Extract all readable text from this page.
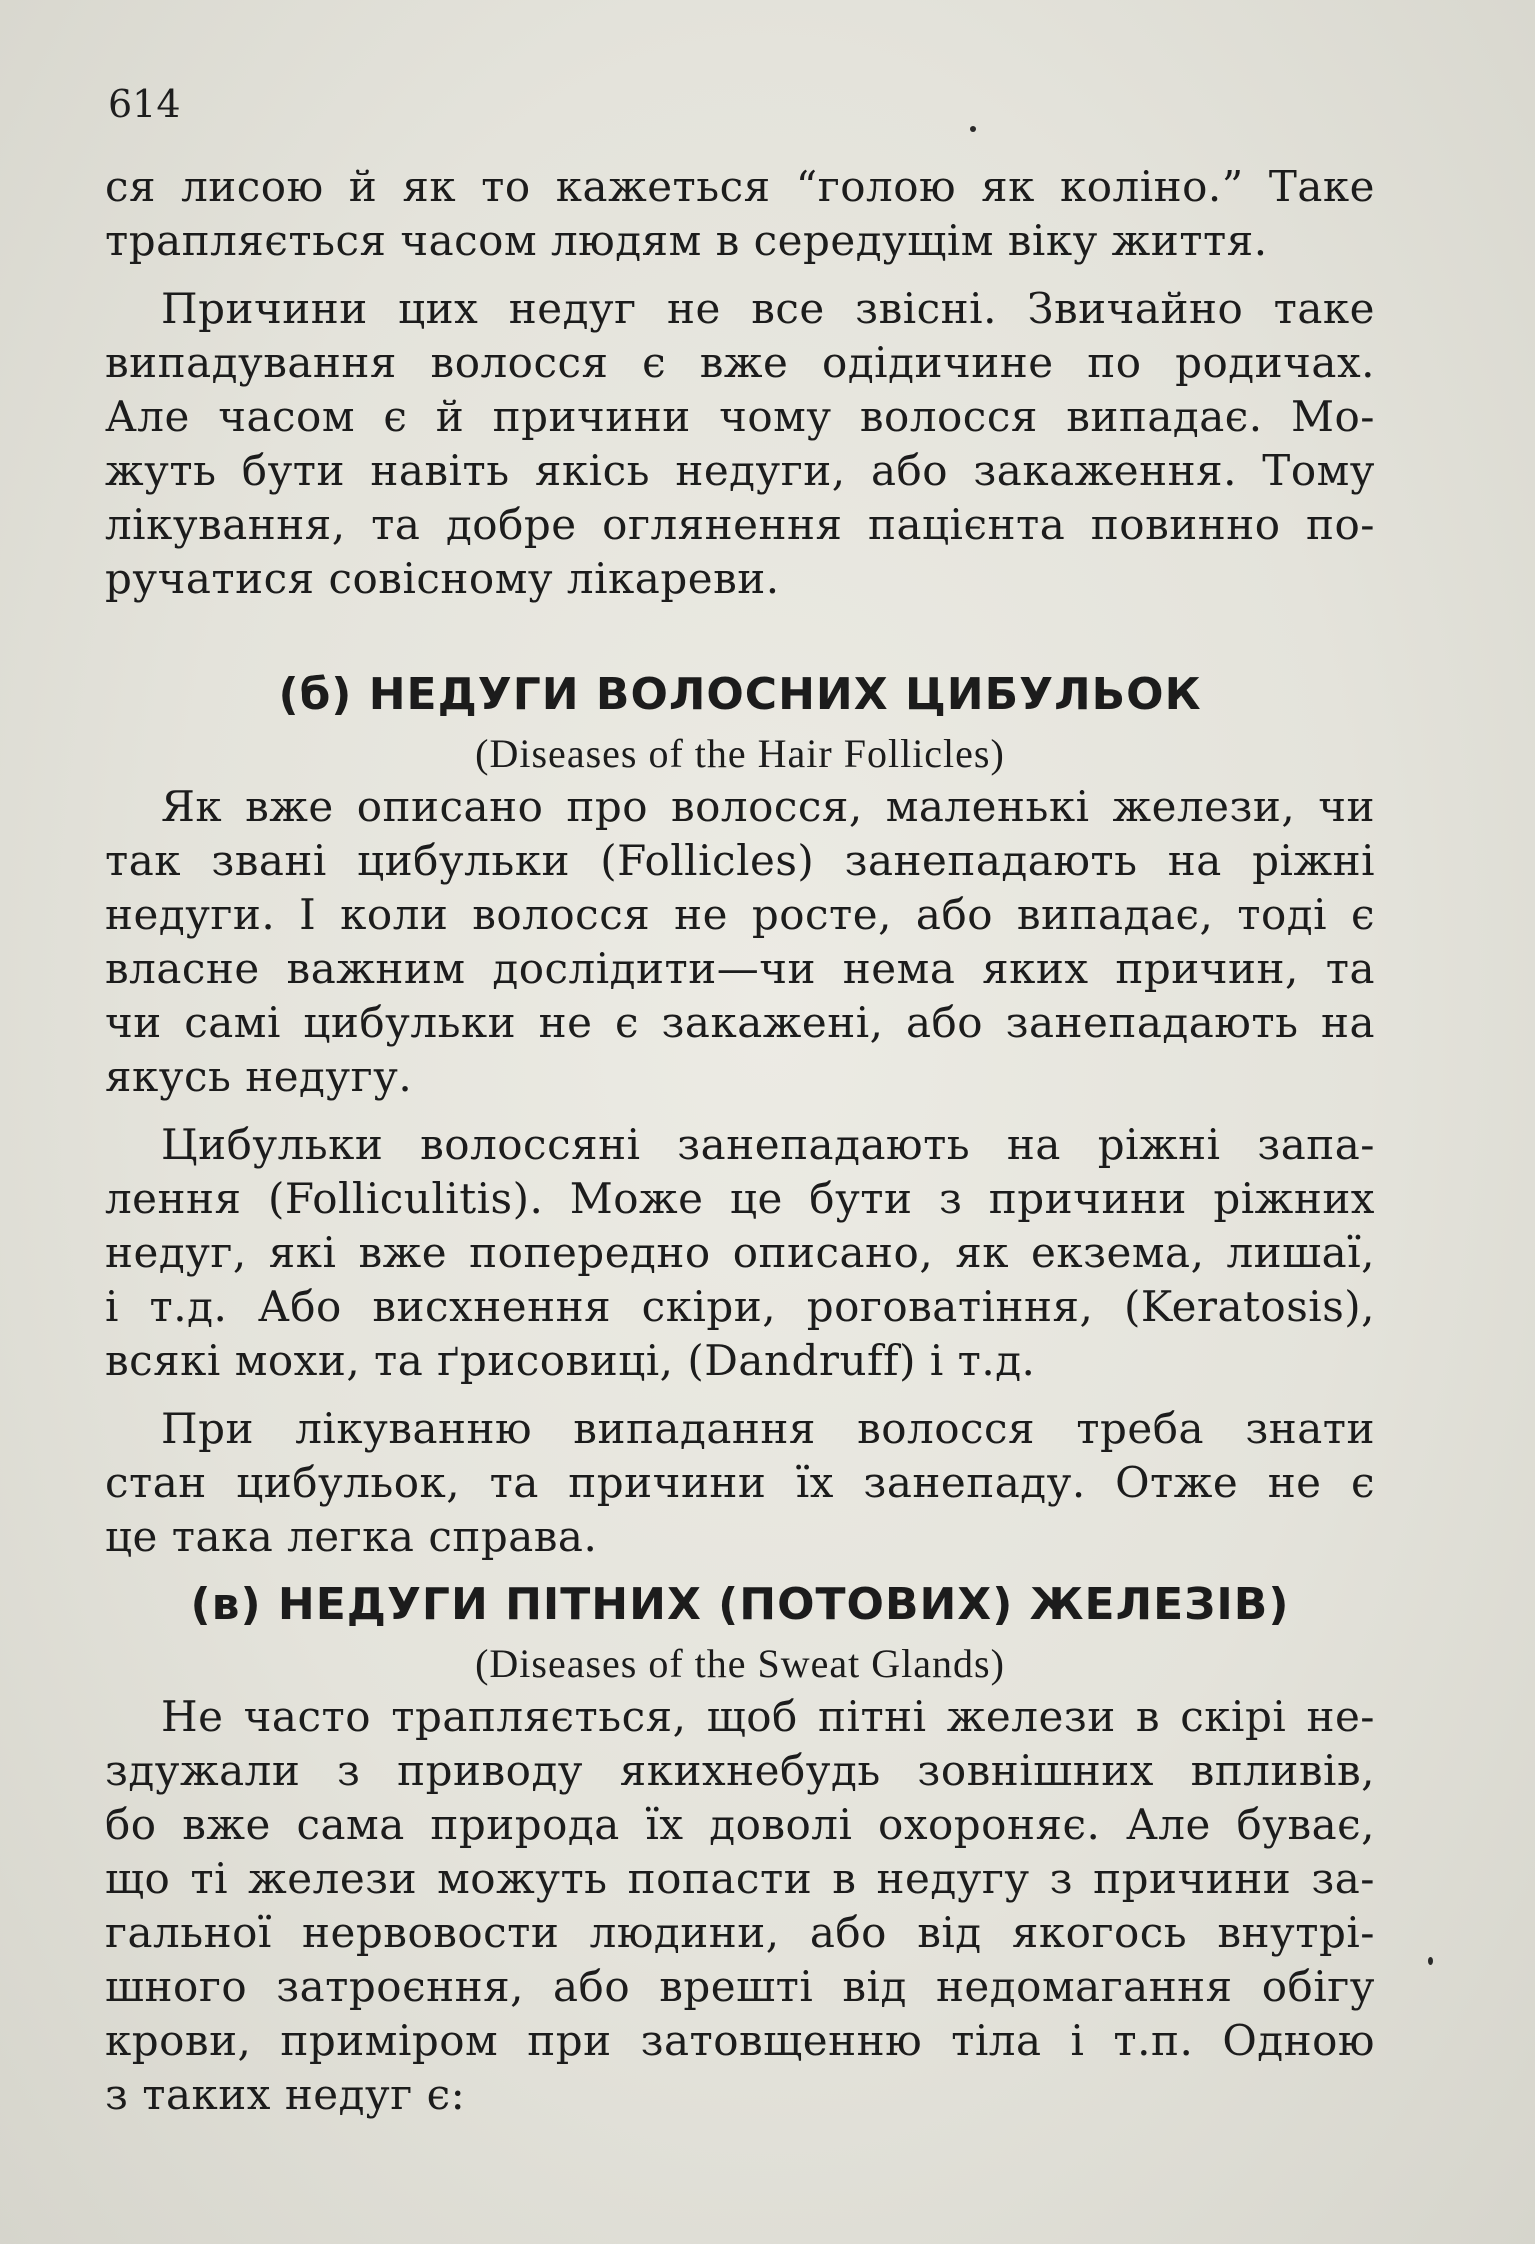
614
ся лисою й як то кажеться “голою як коліно.” Таке
трапляється часом людям в середущім віку життя.
Причини цих недуг не все звісні. Звичайно таке
випадування волосся є вже одідичине по родичах.
Але часом є й причини чому волосся випадає. Мо-
жуть бути навіть якісь недуги, або закаження. Тому
лікування, та добре оглянення пацієнта повинно по-
ручатися совісному лікареви.
(б) НЕДУГИ ВОЛОСНИХ ЦИБУЛЬОК
(Diseases of the Hair Follicles)
Як вже описано про волосся, маленькі желези, чи
так звані цибульки (Follicles) занепадають на ріжні
недуги. І коли волосся не росте, або випадає, тоді є
власне важним дослідити—чи нема яких причин, та
чи самі цибульки не є закажені, або занепадають на
якусь недугу.
Цибульки волоссяні занепадають на ріжні запа-
лення (Folliculitis). Може це бути з причини ріжних
недуг, які вже попередно описано, як екзема, лишаї,
і т.д. Або висхнення скіри, роговатіння, (Keratosis),
всякі мохи, та ґрисовиці, (Dandruff) і т.д.
При лікуванню випадання волосся треба знати
стан цибульок, та причини їх занепаду. Отже не є
це така легка справа.
(в) НЕДУГИ ПІТНИХ (ПОТОВИХ) ЖЕЛЕЗІВ)
(Diseases of the Sweat Glands)
Не часто трапляється, щоб пітні желези в скірі не-
здужали з приводу якихнебудь зовнішних впливів,
бо вже сама природа їх доволі охороняє. Але буває,
що ті желези можуть попасти в недугу з причини за-
гальної нервовости людини, або від якогось внутрі-
шного затроєння, або врешті від недомагання обігу
крови, приміром при затовщенню тіла і т.п. Одною
з таких недуг є:
